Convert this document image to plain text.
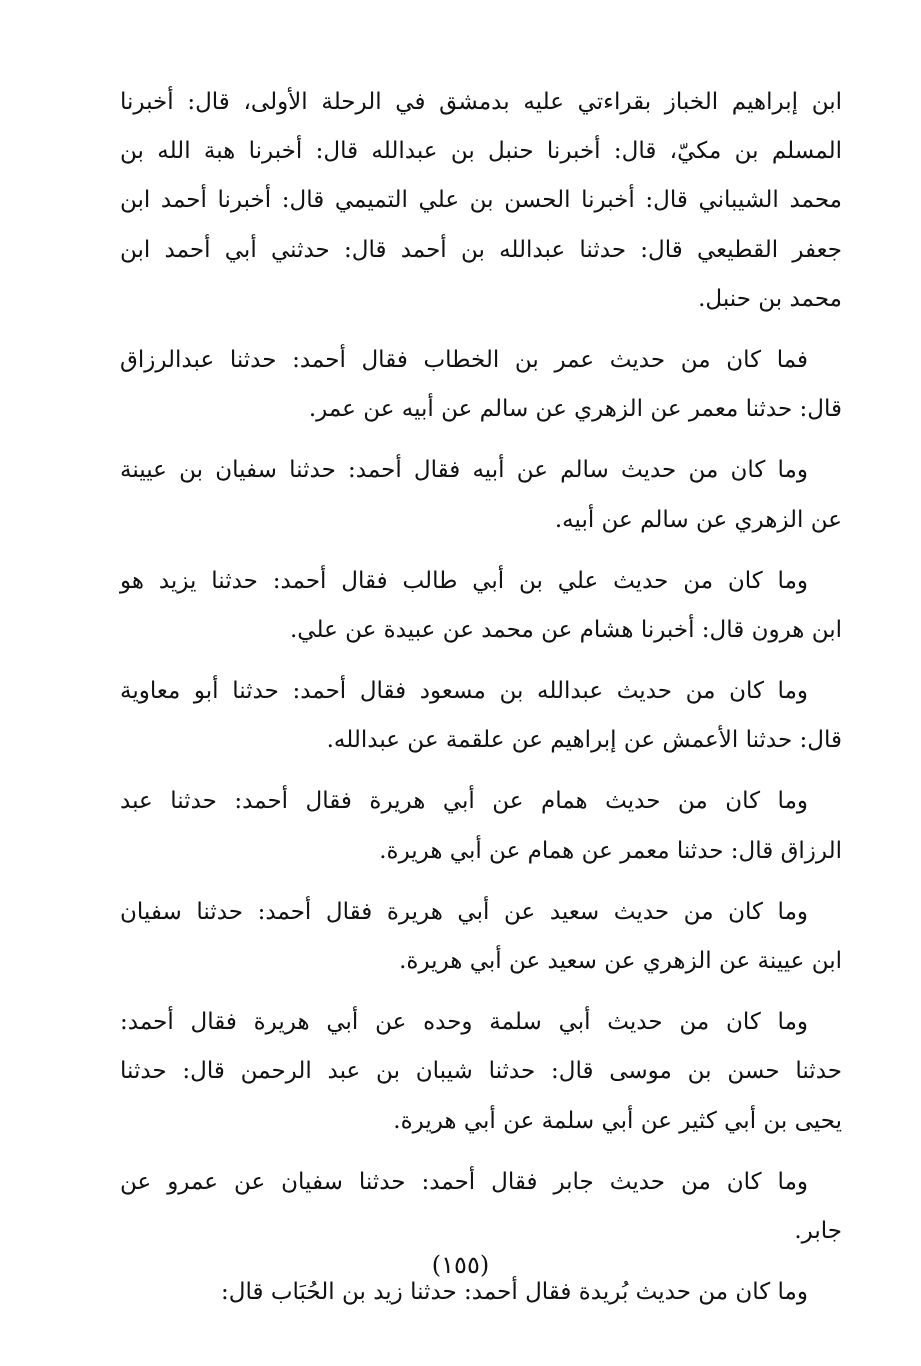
ابن إبراهيم الخباز بقراءتي عليه بدمشق في الرحلة الأولى، قال: أخبرنا
المسلم بن مكيّ، قال: أخبرنا حنبل بن عبدالله قال: أخبرنا هبة الله بن
محمد الشيباني قال: أخبرنا الحسن بن علي التميمي قال: أخبرنا أحمد ابن
جعفر القطيعي قال: حدثنا عبدالله بن أحمد قال: حدثني أبي أحمد ابن
محمد بن حنبل.
فما كان من حديث عمر بن الخطاب فقال أحمد: حدثنا عبدالرزاق
قال: حدثنا معمر عن الزهري عن سالم عن أبيه عن عمر.
وما كان من حديث سالم عن أبيه فقال أحمد: حدثنا سفيان بن عيينة
عن الزهري عن سالم عن أبيه.
وما كان من حديث علي بن أبي طالب فقال أحمد: حدثنا يزيد هو
ابن هرون قال: أخبرنا هشام عن محمد عن عبيدة عن علي.
وما كان من حديث عبدالله بن مسعود فقال أحمد: حدثنا أبو معاوية
قال: حدثنا الأعمش عن إبراهيم عن علقمة عن عبدالله.
وما كان من حديث همام عن أبي هريرة فقال أحمد: حدثنا عبد
الرزاق قال: حدثنا معمر عن همام عن أبي هريرة.
وما كان من حديث سعيد عن أبي هريرة فقال أحمد: حدثنا سفيان
ابن عيينة عن الزهري عن سعيد عن أبي هريرة.
وما كان من حديث أبي سلمة وحده عن أبي هريرة فقال أحمد:
حدثنا حسن بن موسى قال: حدثنا شيبان بن عبد الرحمن قال: حدثنا
يحيى بن أبي كثير عن أبي سلمة عن أبي هريرة.
وما كان من حديث جابر فقال أحمد: حدثنا سفيان عن عمرو عن
جابر.
وما كان من حديث بُريدة فقال أحمد: حدثنا زيد بن الحُبَاب قال:
(١٥٥)
